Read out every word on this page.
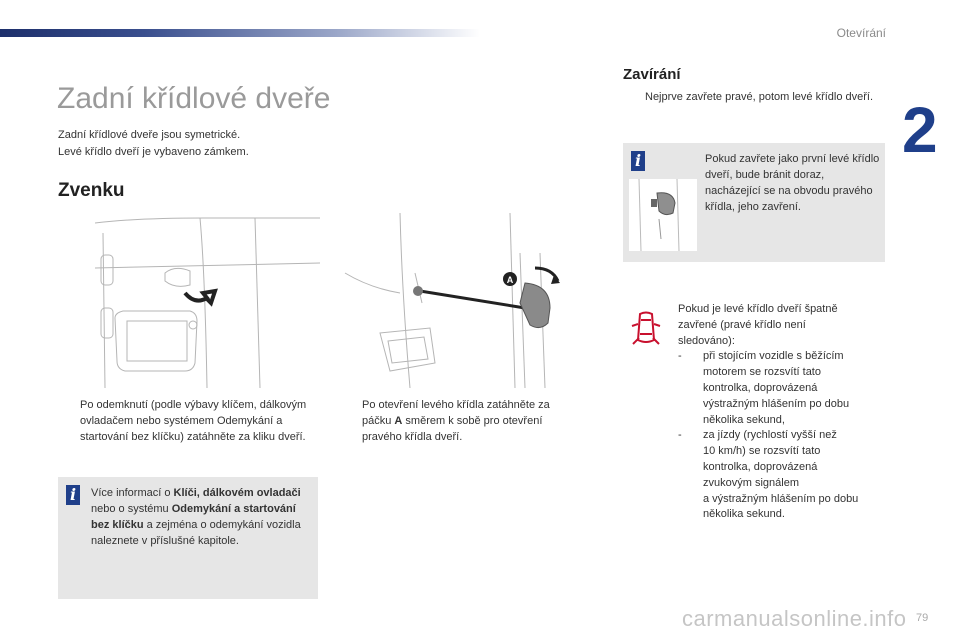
Otevírání
2
Zadní křídlové dveře
Zadní křídlové dveře jsou symetrické.
Levé křídlo dveří je vybaveno zámkem.
Zvenku
A
Po odemknutí (podle výbavy klíčem, dálkovým ovladačem nebo systémem Odemykání a startování bez klíčku) zatáhněte za kliku dveří.
Po otevření levého křídla zatáhněte za páčku A směrem k sobě pro otevření pravého křídla dveří.
i	Více informací o Klíči, dálkovém ovladači nebo o systému Odemykání a startování bez klíčku a zejména o odemykání vozidla naleznete v příslušné kapitole.
Zavírání
Nejprve zavřete pravé, potom levé křídlo dveří.
i	Pokud zavřete jako první levé křídlo dveří, bude bránit doraz, nacházející se na obvodu pravého křídla, jeho zavření.
Pokud je levé křídlo dveří špatně
zavřené (pravé křídlo není
sledováno):
- při stojícím vozidle s běžícím
motorem se rozsvítí tato
kontrolka, doprovázená
výstražným hlášením po dobu
několika sekund,
- za jízdy (rychlostí vyšší než
10 km/h) se rozsvítí tato
kontrolka, doprovázená
zvukovým signálem
a výstražným hlášením po dobu
několika sekund.
carmanualsonline.info 79
